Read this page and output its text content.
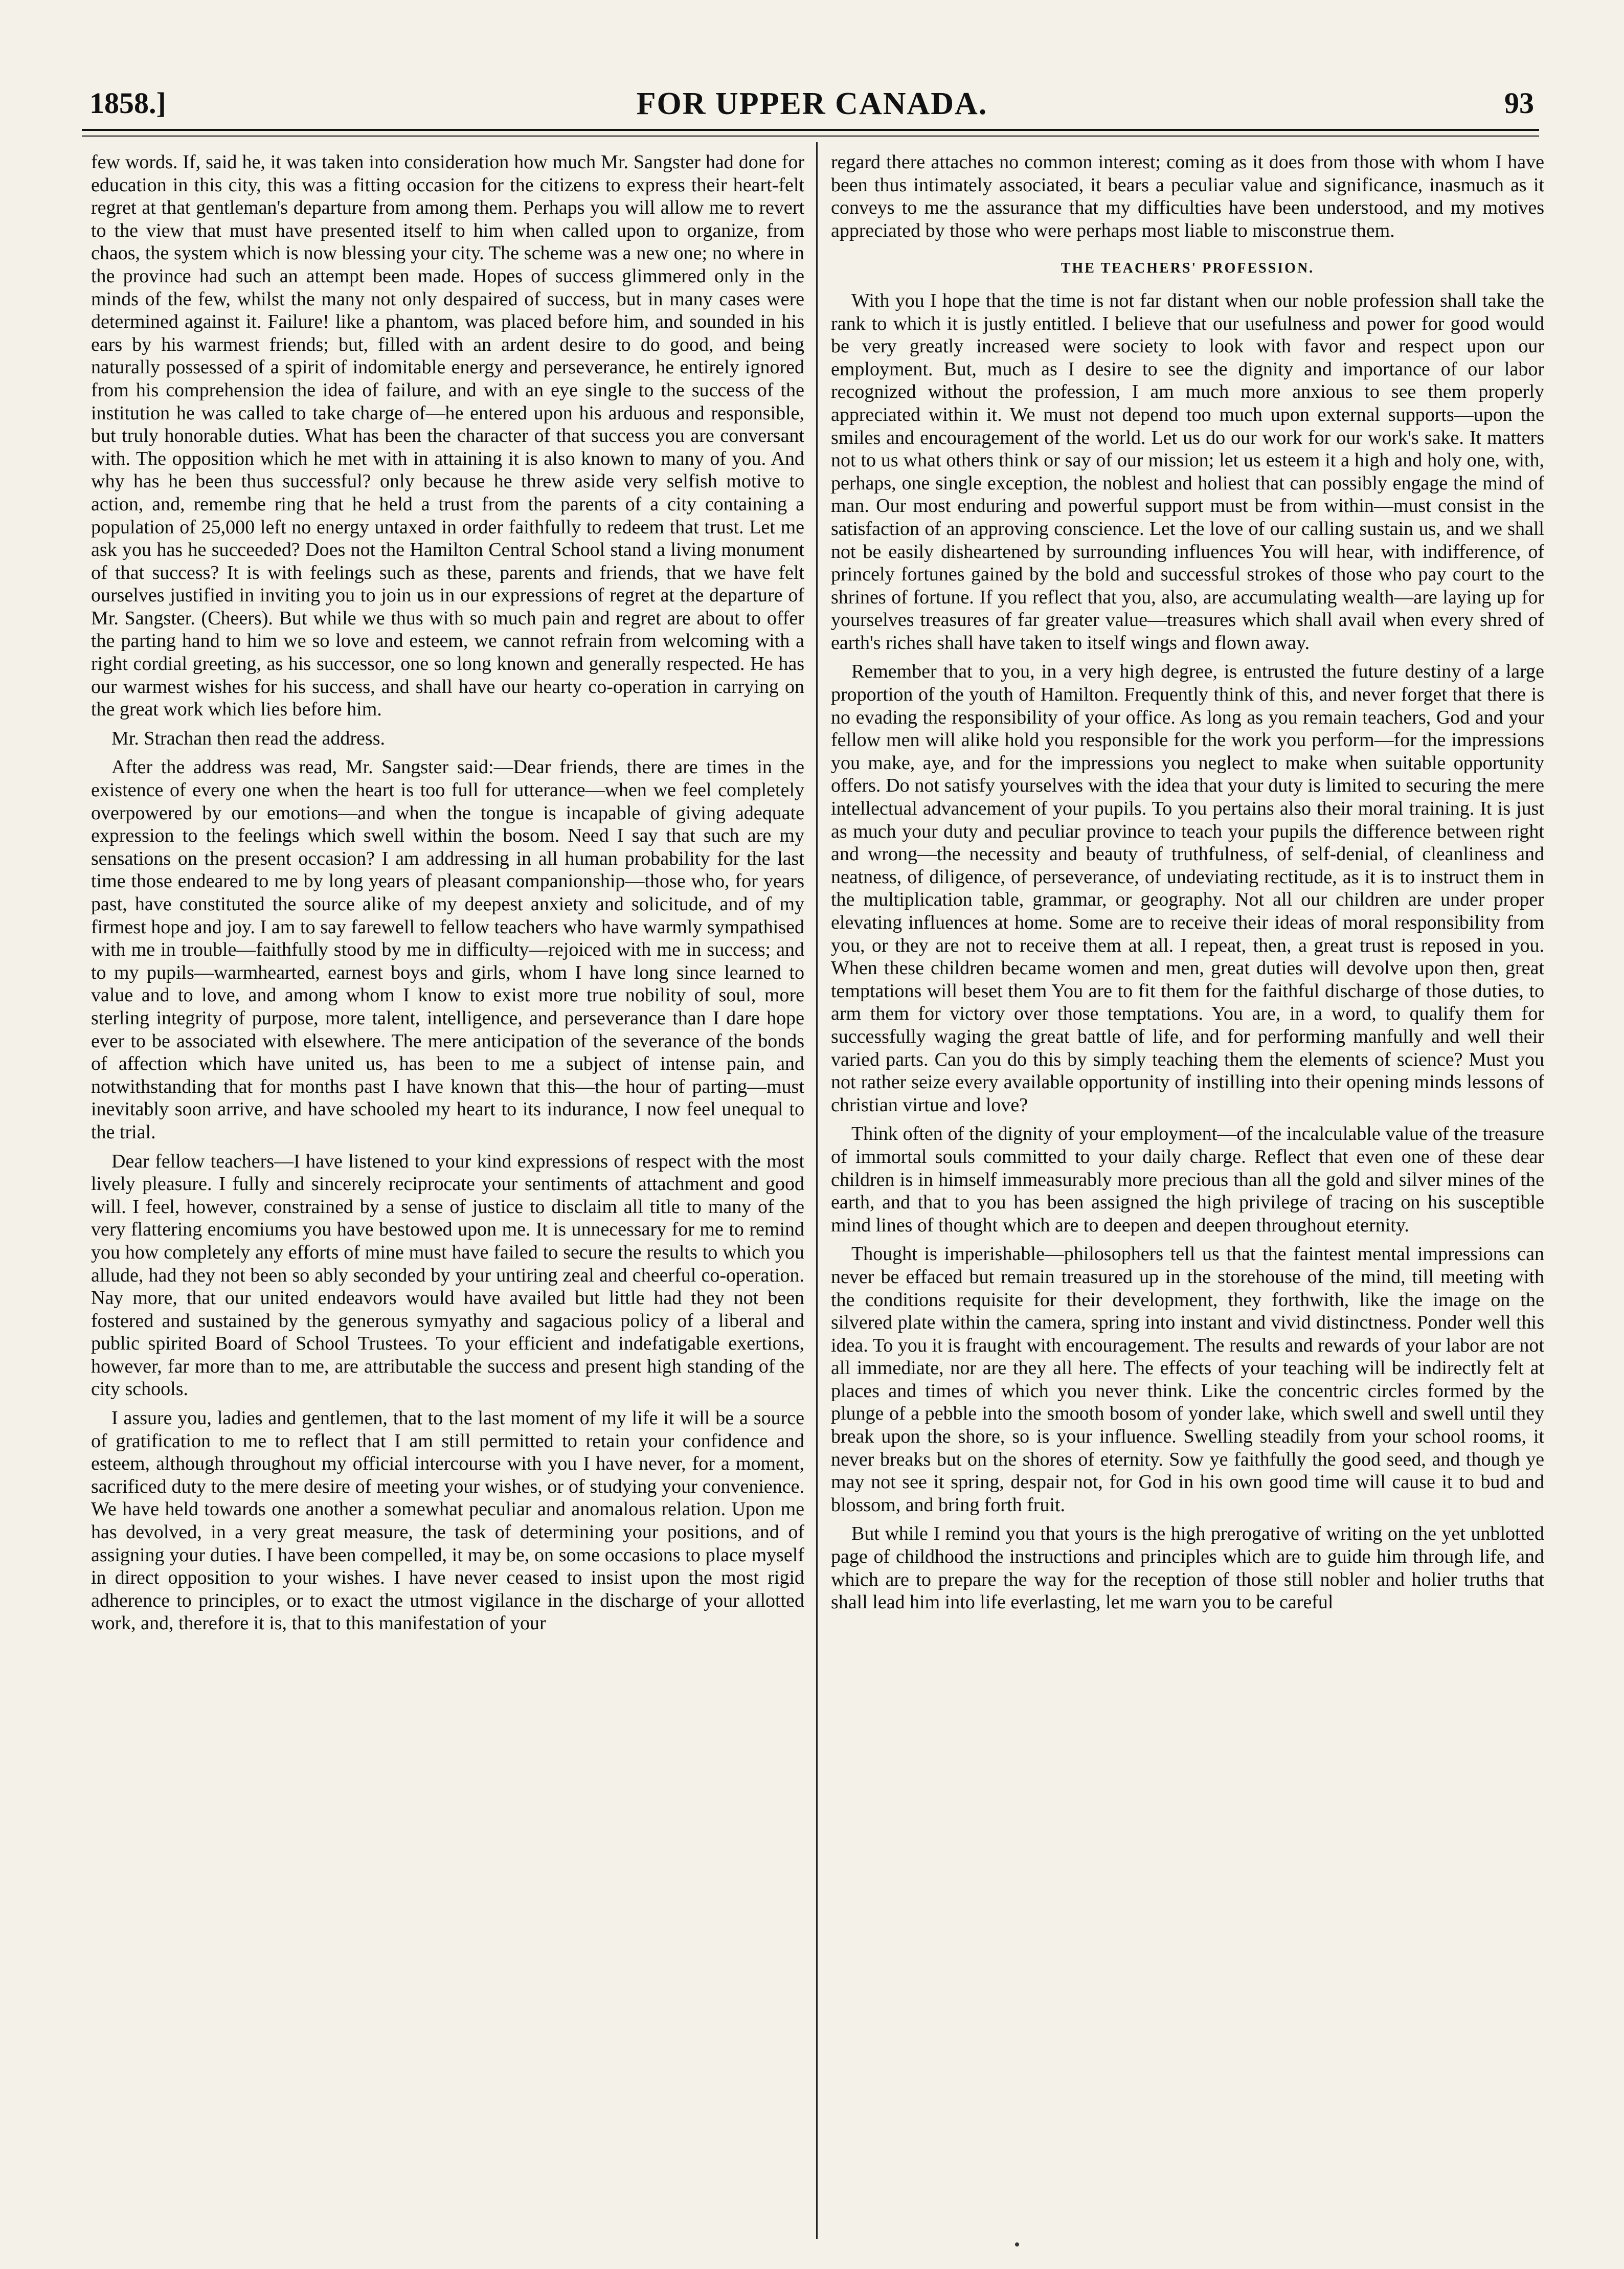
1858.]	FOR UPPER CANADA.	93

few words. If, said he, it was taken into consideration how much Mr. Sangster had done for education in this city, this was a fitting occasion for the citizens to express their heart-felt regret at that gentleman's departure from among them. Perhaps you will allow me to revert to the view that must have presented itself to him when called upon to organize, from chaos, the system which is now blessing your city. The scheme was a new one; no where in the province had such an attempt been made. Hopes of success glimmered only in the minds of the few, whilst the many not only despaired of success, but in many cases were determined against it. Failure! like a phantom, was placed before him, and sounded in his ears by his warmest friends; but, filled with an ardent desire to do good, and being naturally possessed of a spirit of indomitable energy and perseverance, he entirely ignored from his comprehension the idea of failure, and with an eye single to the success of the institution he was called to take charge of—he entered upon his arduous and responsible, but truly honorable duties. What has been the character of that success you are conversant with. The opposition which he met with in attaining it is also known to many of you. And why has he been thus successful? only because he threw aside very selfish motive to action, and, remembe ring that he held a trust from the parents of a city containing a population of 25,000 left no energy untaxed in order faithfully to redeem that trust. Let me ask you has he succeeded? Does not the Hamilton Central School stand a living monument of that success? It is with feelings such as these, parents and friends, that we have felt ourselves justified in inviting you to join us in our expressions of regret at the departure of Mr. Sangster. (Cheers). But while we thus with so much pain and regret are about to offer the parting hand to him we so love and esteem, we cannot refrain from welcoming with a right cordial greeting, as his successor, one so long known and generally respected. He has our warmest wishes for his success, and shall have our hearty co-operation in carrying on the great work which lies before him.

Mr. Strachan then read the address.

After the address was read, Mr. Sangster said:—Dear friends, there are times in the existence of every one when the heart is too full for utterance—when we feel completely overpowered by our emotions—and when the tongue is incapable of giving adequate expression to the feelings which swell within the bosom. Need I say that such are my sensations on the present occasion? I am addressing in all human probability for the last time those endeared to me by long years of pleasant companionship—those who, for years past, have constituted the source alike of my deepest anxiety and solicitude, and of my firmest hope and joy. I am to say farewell to fellow teachers who have warmly sympathised with me in trouble—faithfully stood by me in difficulty—rejoiced with me in success; and to my pupils—warmhearted, earnest boys and girls, whom I have long since learned to value and to love, and among whom I know to exist more true nobility of soul, more sterling integrity of purpose, more talent, intelligence, and perseverance than I dare hope ever to be associated with elsewhere. The mere anticipation of the severance of the bonds of affection which have united us, has been to me a subject of intense pain, and notwithstanding that for months past I have known that this—the hour of parting—must inevitably soon arrive, and have schooled my heart to its indurance, I now feel unequal to the trial.

Dear fellow teachers—I have listened to your kind expressions of respect with the most lively pleasure. I fully and sincerely reciprocate your sentiments of attachment and good will. I feel, however, constrained by a sense of justice to disclaim all title to many of the very flattering encomiums you have bestowed upon me. It is unnecessary for me to remind you how completely any efforts of mine must have failed to secure the results to which you allude, had they not been so ably seconded by your untiring zeal and cheerful co-operation. Nay more, that our united endeavors would have availed but little had they not been fostered and sustained by the generous symyathy and sagacious policy of a liberal and public spirited Board of School Trustees. To your efficient and indefatigable exertions, however, far more than to me, are attributable the success and present high standing of the city schools.

I assure you, ladies and gentlemen, that to the last moment of my life it will be a source of gratification to me to reflect that I am still permitted to retain your confidence and esteem, although throughout my official intercourse with you I have never, for a moment, sacrificed duty to the mere desire of meeting your wishes, or of studying your convenience. We have held towards one another a somewhat peculiar and anomalous relation. Upon me has devolved, in a very great measure, the task of determining your positions, and of assigning your duties. I have been compelled, it may be, on some occasions to place myself in direct opposition to your wishes. I have never ceased to insist upon the most rigid adherence to principles, or to exact the utmost vigilance in the discharge of your allotted work, and, therefore it is, that to this manifestation of your

regard there attaches no common interest; coming as it does from those with whom I have been thus intimately associated, it bears a peculiar value and significance, inasmuch as it conveys to me the assurance that my difficulties have been understood, and my motives appreciated by those who were perhaps most liable to misconstrue them.

THE TEACHERS' PROFESSION.

With you I hope that the time is not far distant when our noble profession shall take the rank to which it is justly entitled. I believe that our usefulness and power for good would be very greatly increased were society to look with favor and respect upon our employment. But, much as I desire to see the dignity and importance of our labor recognized without the profession, I am much more anxious to see them properly appreciated within it. We must not depend too much upon external supports—upon the smiles and encouragement of the world. Let us do our work for our work's sake. It matters not to us what others think or say of our mission; let us esteem it a high and holy one, with, perhaps, one single exception, the noblest and holiest that can possibly engage the mind of man. Our most enduring and powerful support must be from within—must consist in the satisfaction of an approving conscience. Let the love of our calling sustain us, and we shall not be easily disheartened by surrounding influences You will hear, with indifference, of princely fortunes gained by the bold and successful strokes of those who pay court to the shrines of fortune. If you reflect that you, also, are accumulating wealth—are laying up for yourselves treasures of far greater value—treasures which shall avail when every shred of earth's riches shall have taken to itself wings and flown away.

Remember that to you, in a very high degree, is entrusted the future destiny of a large proportion of the youth of Hamilton. Frequently think of this, and never forget that there is no evading the responsibility of your office. As long as you remain teachers, God and your fellow men will alike hold you responsible for the work you perform—for the impressions you make, aye, and for the impressions you neglect to make when suitable opportunity offers. Do not satisfy yourselves with the idea that your duty is limited to securing the mere intellectual advancement of your pupils. To you pertains also their moral training. It is just as much your duty and peculiar province to teach your pupils the difference between right and wrong—the necessity and beauty of truthfulness, of self-denial, of cleanliness and neatness, of diligence, of perseverance, of undeviating rectitude, as it is to instruct them in the multiplication table, grammar, or geography. Not all our children are under proper elevating influences at home. Some are to receive their ideas of moral responsibility from you, or they are not to receive them at all. I repeat, then, a great trust is reposed in you. When these children became women and men, great duties will devolve upon then, great temptations will beset them You are to fit them for the faithful discharge of those duties, to arm them for victory over those temptations. You are, in a word, to qualify them for successfully waging the great battle of life, and for performing manfully and well their varied parts. Can you do this by simply teaching them the elements of science? Must you not rather seize every available opportunity of instilling into their opening minds lessons of christian virtue and love?

Think often of the dignity of your employment—of the incalculable value of the treasure of immortal souls committed to your daily charge. Reflect that even one of these dear children is in himself immeasurably more precious than all the gold and silver mines of the earth, and that to you has been assigned the high privilege of tracing on his susceptible mind lines of thought which are to deepen and deepen throughout eternity.

Thought is imperishable—philosophers tell us that the faintest mental impressions can never be effaced but remain treasured up in the storehouse of the mind, till meeting with the conditions requisite for their development, they forthwith, like the image on the silvered plate within the camera, spring into instant and vivid distinctness. Ponder well this idea. To you it is fraught with encouragement. The results and rewards of your labor are not all immediate, nor are they all here. The effects of your teaching will be indirectly felt at places and times of which you never think. Like the concentric circles formed by the plunge of a pebble into the smooth bosom of yonder lake, which swell and swell until they break upon the shore, so is your influence. Swelling steadily from your school rooms, it never breaks but on the shores of eternity. Sow ye faithfully the good seed, and though ye may not see it spring, despair not, for God in his own good time will cause it to bud and blossom, and bring forth fruit.

But while I remind you that yours is the high prerogative of writing on the yet unblotted page of childhood the instructions and principles which are to guide him through life, and which are to prepare the way for the reception of those still nobler and holier truths that shall lead him into life everlasting, let me warn you to be careful
